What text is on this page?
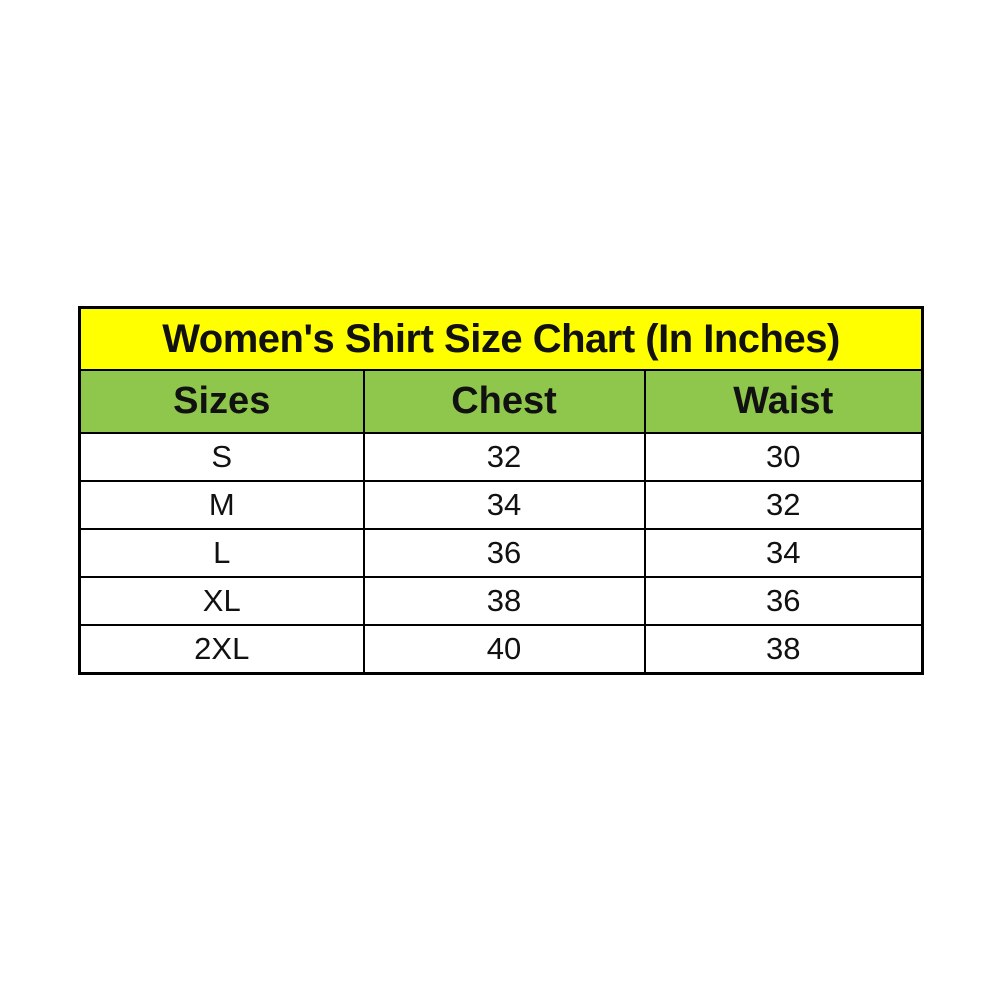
Women's Shirt Size Chart (In Inches)		
Sizes	Chest	Waist
S	32	30
M	34	32
L	36	34
XL	38	36
2XL	40	38
